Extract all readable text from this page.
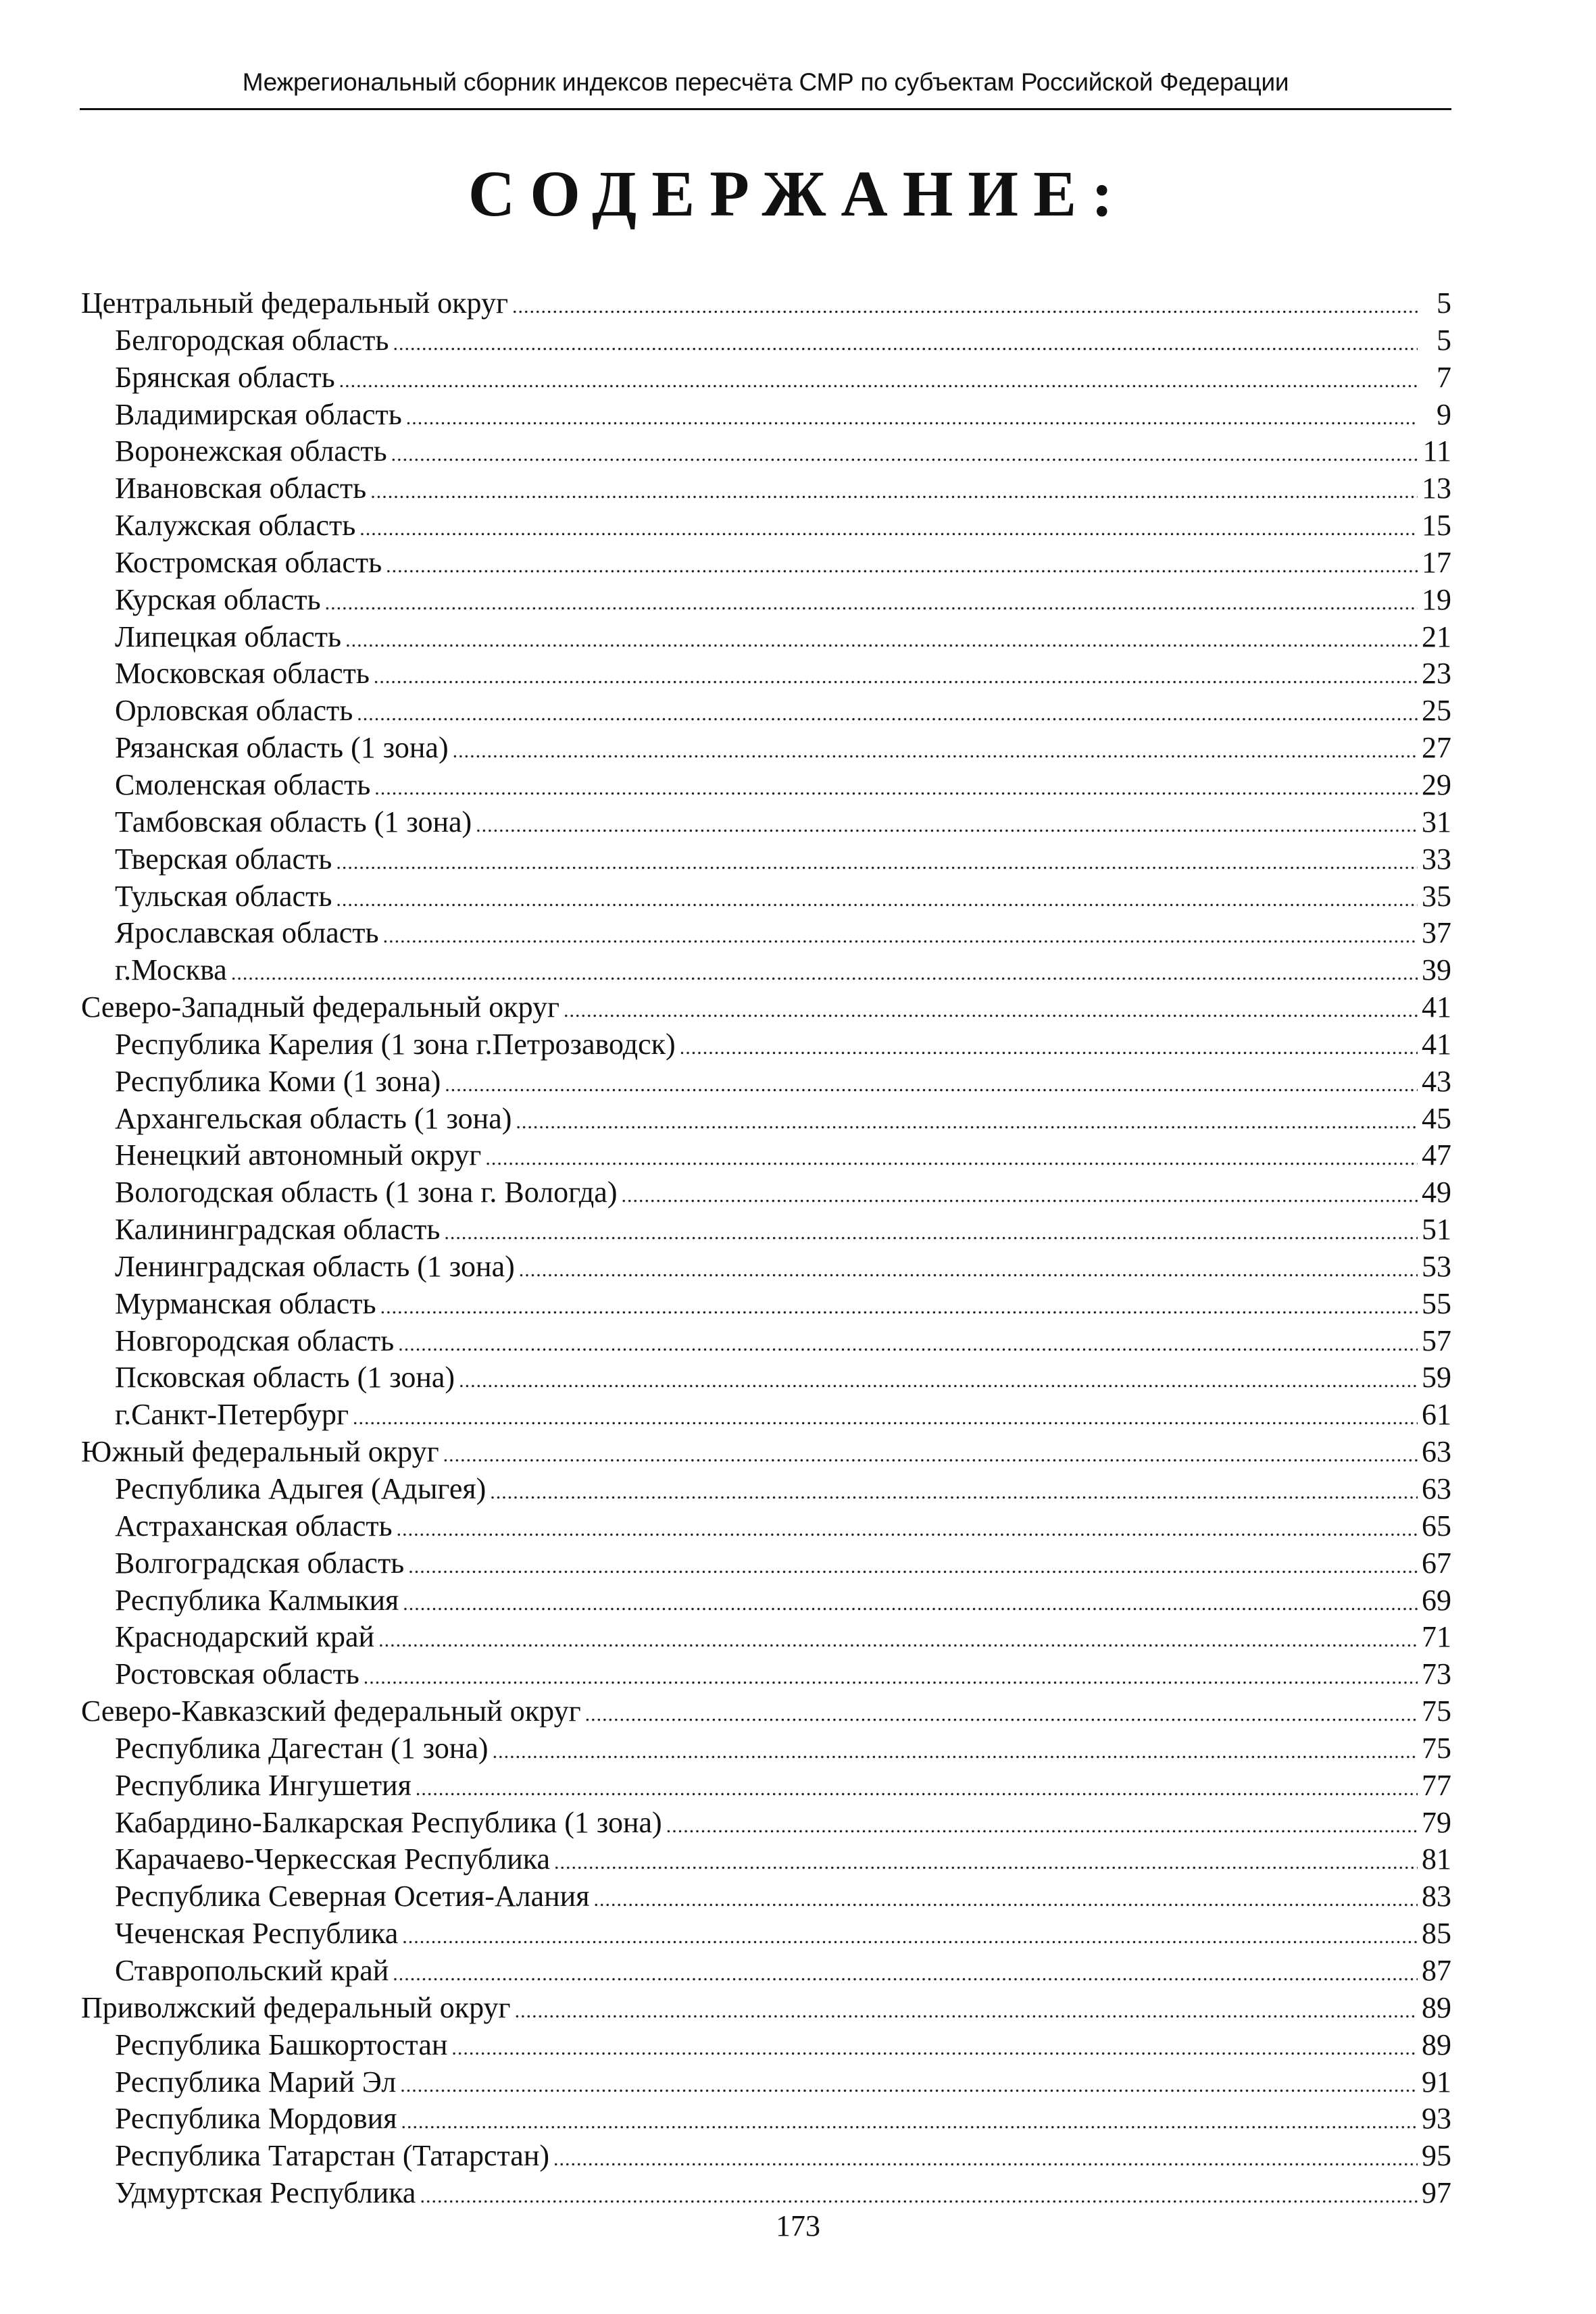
Межрегиональный сборник индексов пересчёта СМР по субъектам Российской Федерации
СОДЕРЖАНИЕ:
Центральный федеральный округ .....	5
Белгородская область .....	5
Брянская область .....	7
Владимирская область .....	9
Воронежская область .....	11
Ивановская область .....	13
Калужская область .....	15
Костромская область .....	17
Курская область .....	19
Липецкая область .....	21
Московская область .....	23
Орловская область .....	25
Рязанская область (1 зона) .....	27
Смоленская область .....	29
Тамбовская область (1 зона) .....	31
Тверская область .....	33
Тульская область .....	35
Ярославская область .....	37
г.Москва .....	39
Северо-Западный федеральный округ .....	41
Республика Карелия (1 зона г.Петрозаводск) .....	41
Республика Коми (1 зона) .....	43
Архангельская область (1 зона) .....	45
Ненецкий автономный округ .....	47
Вологодская область (1 зона г. Вологда) .....	49
Калининградская область .....	51
Ленинградская область (1 зона) .....	53
Мурманская область .....	55
Новгородская область .....	57
Псковская область (1 зона) .....	59
г.Санкт-Петербург .....	61
Южный федеральный округ .....	63
Республика Адыгея (Адыгея) .....	63
Астраханская область .....	65
Волгоградская область .....	67
Республика Калмыкия .....	69
Краснодарский край .....	71
Ростовская область .....	73
Северо-Кавказский федеральный округ .....	75
Республика Дагестан (1 зона) .....	75
Республика Ингушетия .....	77
Кабардино-Балкарская Республика (1 зона) .....	79
Карачаево-Черкесская Республика .....	81
Республика Северная Осетия-Алания .....	83
Чеченская Республика .....	85
Ставропольский край .....	87
Приволжский федеральный округ .....	89
Республика Башкортостан .....	89
Республика Марий Эл .....	91
Республика Мордовия .....	93
Республика Татарстан (Татарстан) .....	95
Удмуртская Республика .....	97
173
